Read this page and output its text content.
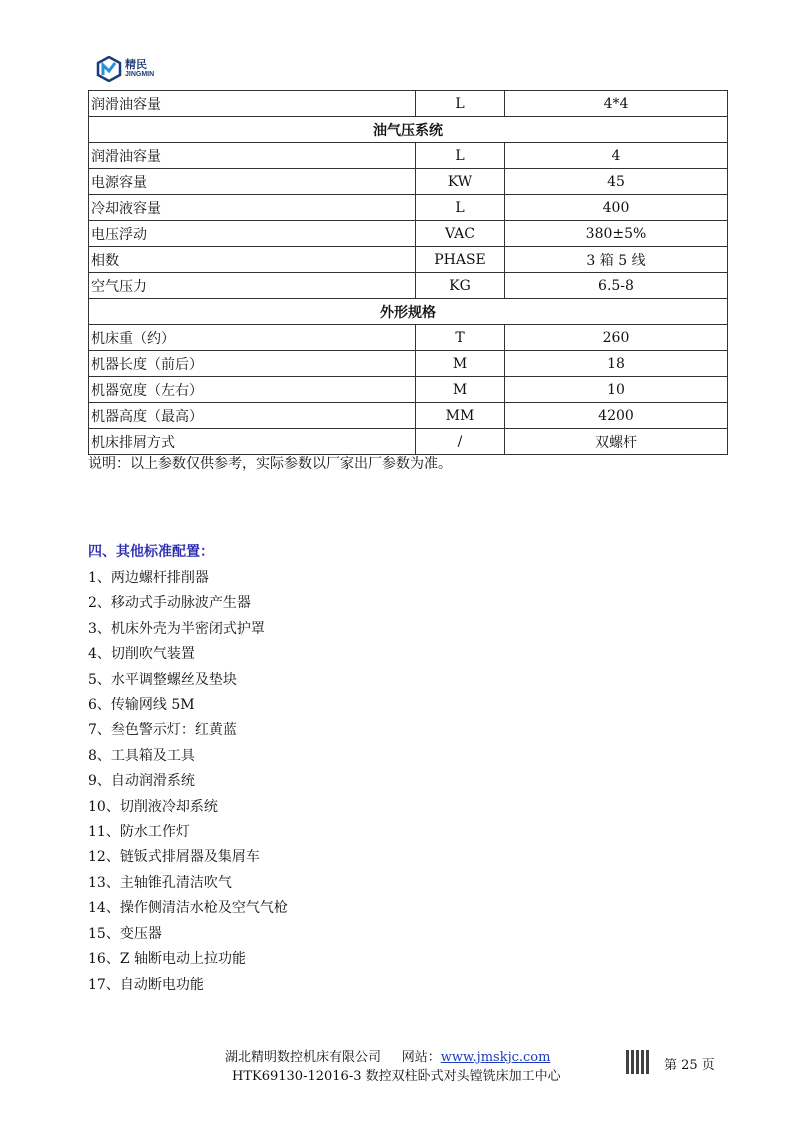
精民
JINGMIN
润滑油容量	L	4*4
油气压系统		
润滑油容量	L	4
电源容量	KW	45
冷却液容量	L	400
电压浮动	VAC	380±5%
相数	PHASE	3 箱 5 线
空气压力	KG	6.5-8
外形规格		
机床重（约）	T	260
机器长度（前后）	M	18
机器宽度（左右）	M	10
机器高度（最高）	MM	4200
机床排屑方式	/	双螺杆
说明：以上参数仅供参考，实际参数以厂家出厂参数为准。
四、其他标准配置：
1、两边螺杆排削器
2、移动式手动脉波产生器
3、机床外壳为半密闭式护罩
4、切削吹气装置
5、水平调整螺丝及垫块
6、传输网线 5M
7、叁色警示灯：红黄蓝
8、工具箱及工具
9、自动润滑系统
10、切削液冷却系统
11、防水工作灯
12、链钣式排屑器及集屑车
13、主轴锥孔清洁吹气
14、操作侧清洁水枪及空气气枪
15、变压器
16、Z 轴断电动上拉功能
17、自动断电功能
湖北精明数控机床有限公司 网站：www.jmskjc.com
HTK69130-12016-3 数控双柱卧式对头镗铣床加工中心
第 25 页
